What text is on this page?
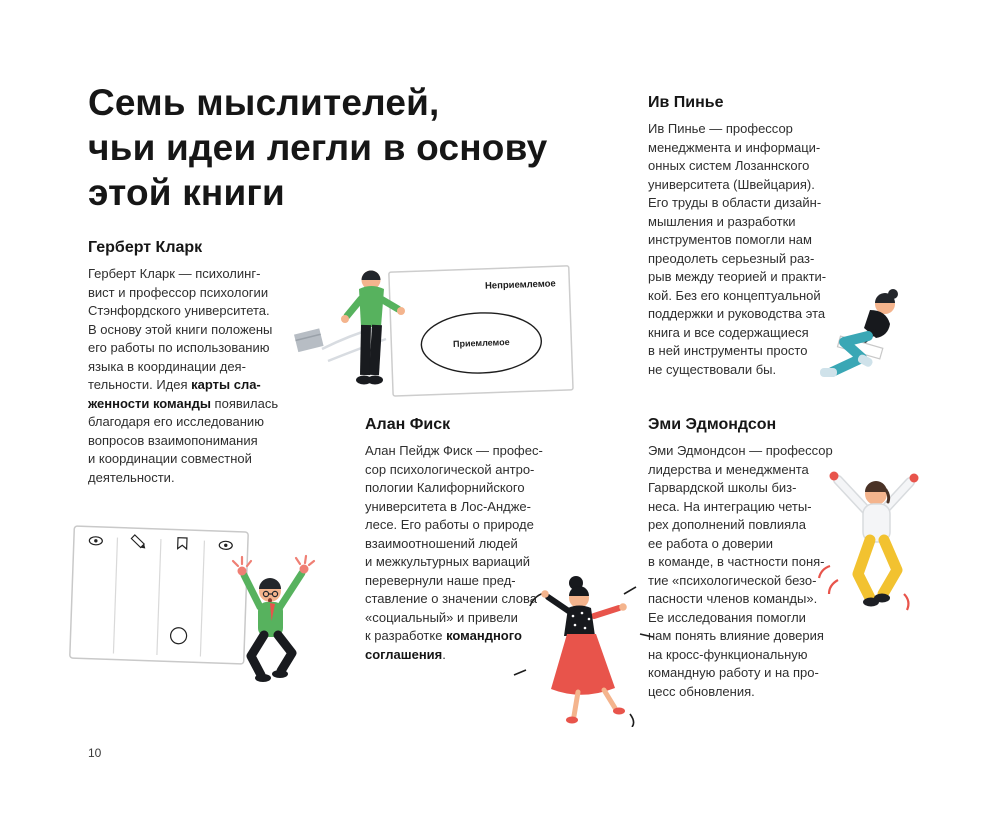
Семь мыслителей,
чьи идеи легли в основу
этой книги
Ив Пинье

Ив Пинье — профессор
менеджмента и информаци-
онных систем Лозаннского
университета (Швейцария).
Его труды в области дизайн-
мышления и разработки
инструментов помогли нам
преодолеть серьезный раз-
рыв между теорией и практи-
кой. Без его концептуальной
поддержки и руководства эта
книга и все содержащиеся
в ней инструменты просто
не существовали бы.

Герберт Кларк

Герберт Кларк — психолинг-
вист и профессор психологии
Стэнфордского университета.
В основу этой книги положены
его работы по использованию
языка в координации дея-
тельности. Идея карты сла-
женности команды появилась
благодаря его исследованию
вопросов взаимопонимания
и координации совместной
деятельности.

Алан Фиск

Алан Пейдж Фиск — профес-
сор психологической антро-
пологии Калифорнийского
университета в Лос-Андже-
лесе. Его работы о природе
взаимоотношений людей
и межкультурных вариаций
перевернули наше пред-
ставление о значении слова
«социальный» и привели
к разработке командного
соглашения.

Эми Эдмондсон

Эми Эдмондсон — профессор
лидерства и менеджмента
Гарвардской школы биз-
неса. На интеграцию четы-
рех дополнений повлияла
ее работа о доверии
в команде, в частности поня-
тие «психологической безо-
пасности членов команды».
Ее исследования помогли
нам понять влияние доверия
на кросс-функциональную
командную работу и на про-
цесс обновления.

Неприемлемое
Приемлемое
10
